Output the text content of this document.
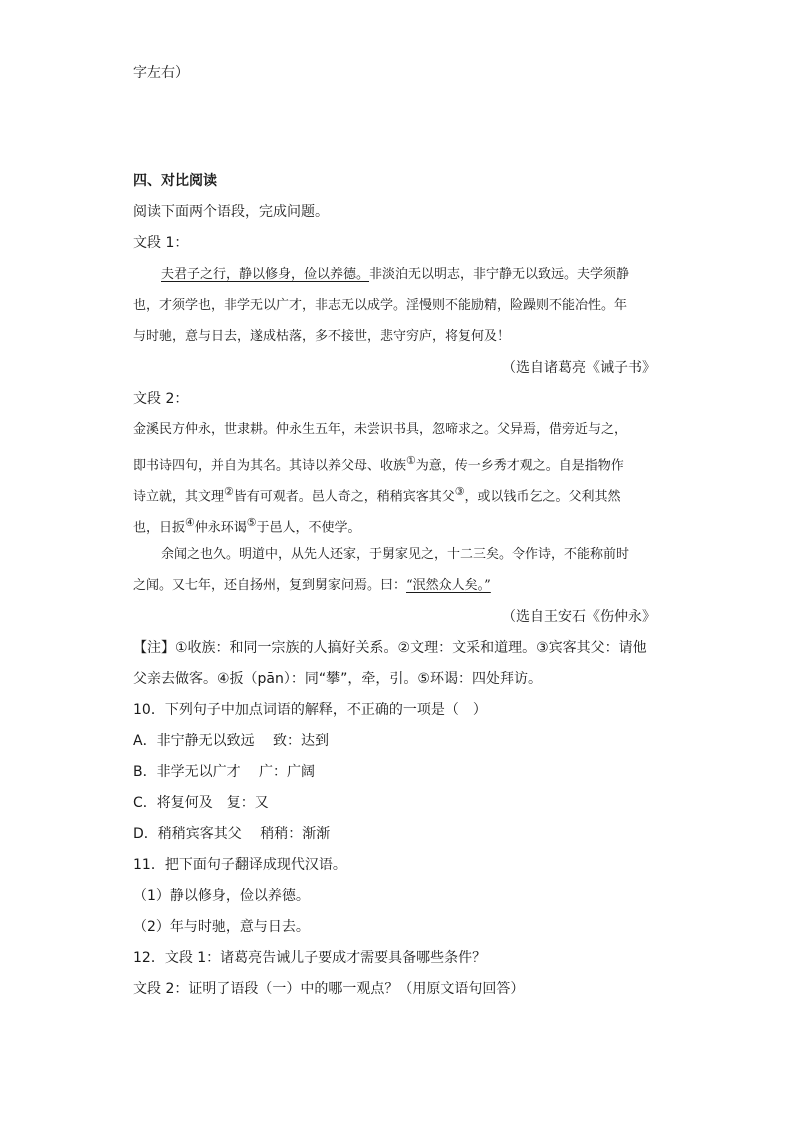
字左右）
四、对比阅读
阅读下面两个语段，完成问题。
文段 1：
夫君子之行，静以修身，俭以养德。非淡泊无以明志，非宁静无以致远。夫学须静
也，才须学也，非学无以广才，非志无以成学。淫慢则不能励精，险躁则不能冶性。年
与时驰，意与日去，遂成枯落，多不接世，悲守穷庐，将复何及！
（选自诸葛亮《诫子书》
文段 2：
金溪民方仲永，世隶耕。仲永生五年，未尝识书具，忽啼求之。父异焉，借旁近与之，
即书诗四句，并自为其名。其诗以养父母、收族①为意，传一乡秀才观之。自是指物作
诗立就，其文理②皆有可观者。邑人奇之，稍稍宾客其父③，或以钱币乞之。父利其然
也，日扳④仲永环谒⑤于邑人，不使学。
余闻之也久。明道中，从先人还家，于舅家见之，十二三矣。令作诗，不能称前时
之闻。又七年，还自扬州，复到舅家问焉。曰：“泯然众人矣。”
（选自王安石《伤仲永》
【注】①收族：和同一宗族的人搞好关系。②文理：文采和道理。③宾客其父：请他
父亲去做客。④扳（pān）：同“攀”，牵，引。⑤环谒：四处拜访。
10．下列句子中加点词语的解释，不正确的一项是（　）
A．非宁静无以致远　 致：达到
B．非学无以广才　 广：广阔
C．将复何及　复：又
D．稍稍宾客其父　 稍稍：渐渐
11．把下面句子翻译成现代汉语。
（1）静以修身，俭以养德。
（2）年与时驰，意与日去。
12．文段 1：诸葛亮告诫儿子要成才需要具备哪些条件？
文段 2：证明了语段（一）中的哪一观点？（用原文语句回答）
